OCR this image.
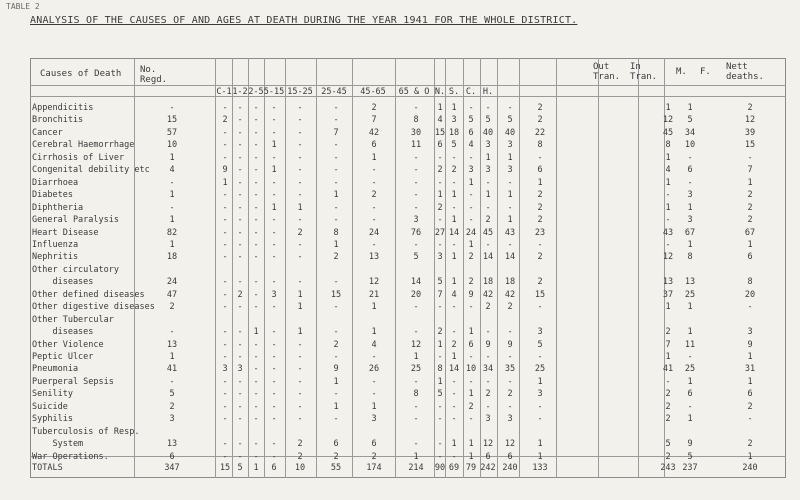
TABLE 2
ANALYSIS OF THE CAUSES OF AND AGES AT DEATH DURING THE YEAR 1941 FOR THE WHOLE DISTRICT.
Causes of Death No. Regd.
Out Tran.
In Tran.	M. F. Nett deaths.
C-1 1-2 2-5 5-15 15-25 25-45	45-65	65 & O N. S. C. H.
Appendicitis	-	-	-	-	-	-	-	2	-	1	1	-	-	-	2	1	1	2
Bronchitis	15	2	-	-	-	-	-	7	8	4	3	5	5	5	2	12	5	12
Cancer	57	-	-	-	-	-	7	42	30	15 18	6	40	40	22	45	34	39
Cerebral Haemorrhage	10	-	-	-	1	-	-	6	11	6	5	4	3	3	8	8	10	15
Cirrhosis of Liver	1	-	-	-	-	-	-	1	-	-	-	-	1	1	-	1	-	-
Congenital debility etc	4	9	-	-	1	-	-	-	-	2	2	3	3	3	6	4	6	7
Diarrhoea	-	1	-	-	-	-	-	-	-	-	-	1	-	-	1	1	-	1
Diabetes	1	-	-	-	-	-	1	2	-	1	1	-	1	1	2	-	3	2
Diphtheria	-	-	-	-	1	1	-	-	-	2	-	-	-	-	2	1	1	2
General Paralysis	1	-	-	-	-	-	-	-	3	-	1	-	2	1	2	-	3	2
Heart Disease	82	-	-	-	-	2	8	24	76	27 14 24 45	43	23	43	67	67
Influenza	1	-	-	-	-	-	1	-	-	-	-	1	-	-	-	-	1	1
Nephritis	18	-	-	-	-	-	2	13	5	3	1	2	14	14	2	12	8	6
Other circulatory
diseases	24	-	-	-	-	-	-	12	14	5	1	2	18	18	2	13	13	8
Other defined diseases	47	-	2	-	3	1	15	21	20	7	4	9	42	42	15	37	25	20
Other digestive diseases	2	-	-	-	-	1	-	1	-	-	-	-	2	2	-	1	1	-
Other Tubercular
diseases	-	-	-	1	-	1	-	1	-	2	-	1	-	-	3	2	1	3
Other Violence	13	-	-	-	-	-	2	4	12	1	2	6	9	9	5	7	11	9
Peptic Ulcer	1	-	-	-	-	-	-	-	1	-	1	-	-	-	-	1	-	1
Pneumonia	41	3	3	-	-	-	9	26	25	8 14 10 34	35	25	41	25	31
Puerperal Sepsis	-	-	-	-	-	-	1	-	-	1	-	-	-	-	1	-	1	1
Senility	5	-	-	-	-	-	-	-	8	5	-	1	2	2	3	2	6	6
Suicide	2	-	-	-	-	-	1	1	-	-	-	2	-	-	-	2	-	2
Syphilis	3	-	-	-	-	-	-	3	-	-	-	-	3	3	-	2	1	-
Tuberculosis of Resp.
System	13	-	-	-	-	2	6	6	-	-	1	1	12	12	1	5	9	2
War Operations.	6	-	-	-	-	2	2	2	1	-	-	1	6	6	1	2	5	1
TOTALS	347	15 5	1	6	10	55	174	214	90 69 79 242 240	133	243 237	240
